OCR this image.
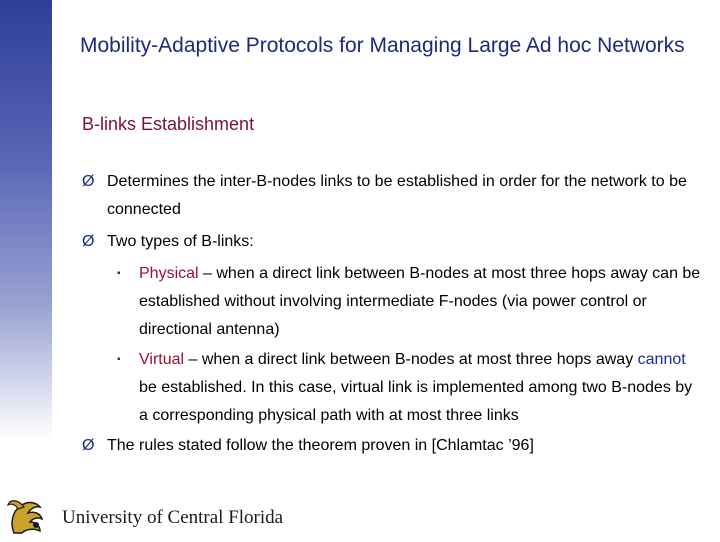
Mobility-Adaptive Protocols for Managing Large Ad hoc Networks
B-links Establishment
Ø Determines the inter-B-nodes links to be established in order for the network to be connected
Ø Two types of B-links:
▪ Physical – when a direct link between B-nodes at most three hops away can be established without involving intermediate F-nodes (via power control or directional antenna)
▪ Virtual – when a direct link between B-nodes at most three hops away cannot be established. In this case, virtual link is implemented among two B-nodes by a corresponding physical path with at most three links
Ø The rules stated follow the theorem proven in [Chlamtac ’96]
University of Central Florida
